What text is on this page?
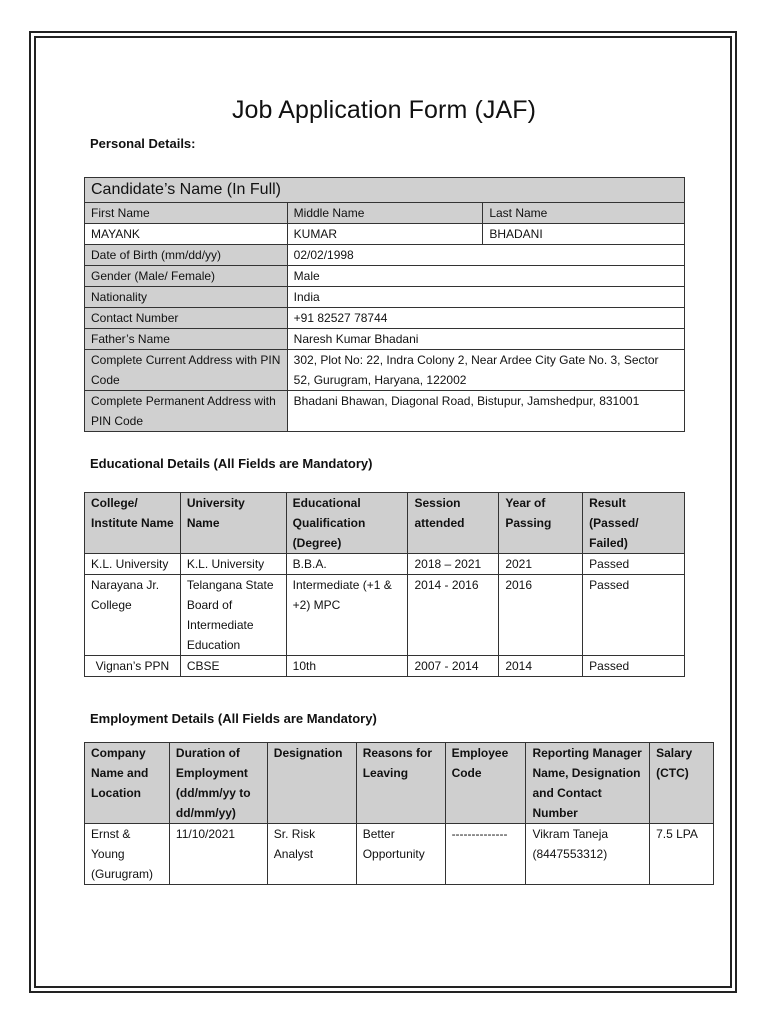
Job Application Form (JAF)
Personal Details:
Candidate’s Name (In Full)		
First Name	Middle Name	Last Name
MAYANK	KUMAR	BHADANI
Date of Birth (mm/dd/yy)	02/02/1998	
Gender (Male/ Female)	Male	
Nationality	India	
Contact Number	+91 82527 78744	
Father’s Name	Naresh Kumar Bhadani	
Complete Current Address with PIN Code	302, Plot No: 22, Indra Colony 2, Near Ardee City Gate No. 3, Sector 52, Gurugram, Haryana, 122002	
Complete Permanent Address with PIN Code	Bhadani Bhawan, Diagonal Road, Bistupur, Jamshedpur, 831001	
Educational Details (All Fields are Mandatory)
College/ Institute Name	University Name	Educational Qualification (Degree)	Session attended	Year of Passing	Result (Passed/ Failed)
K.L. University	K.L. University	B.B.A.	2018 – 2021	2021	Passed
Narayana Jr. College	Telangana State Board of Intermediate Education	Intermediate (+1 & +2) MPC	2014 - 2016	2016	Passed
Vignan’s PPN	CBSE	10th	2007 - 2014	2014	Passed
Employment Details (All Fields are Mandatory)
Company Name and Location	Duration of Employment (dd/mm/yy to dd/mm/yy)	Designation	Reasons for Leaving	Employee Code	Reporting Manager Name, Designation and Contact Number	Salary (CTC)
Ernst & Young (Gurugram)	11/10/2021	Sr. Risk Analyst	Better Opportunity	--------------	Vikram Taneja (8447553312)	7.5 LPA
